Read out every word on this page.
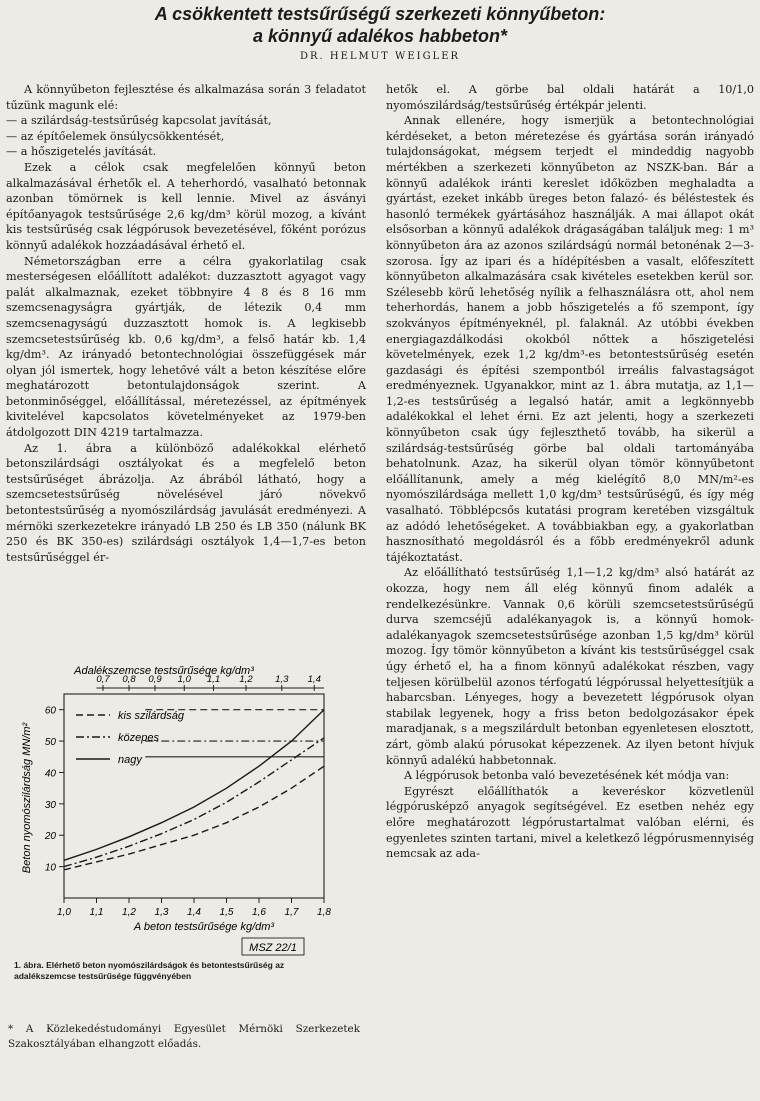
A csökkentett testsűrűségű szerkezeti könnyűbeton:
a könnyű adalékos habbeton*
DR. HELMUT WEIGLER

A könnyűbeton fejlesztése és alkalmazása során 3 feladatot tűzünk magunk elé:

— a szilárdság-testsűrűség kapcsolat javítását,
— az építőelemek önsúlycsökkentését,
— a hőszigetelés javítását.

Ezek a célok csak megfelelően könnyű beton alkalmazásával érhetők el. A teherhordó, vasalható betonnak azonban tömörnek is kell lennie. Mivel az ásványi építőanyagok testsűrűsége 2,6 kg/dm³ körül mozog, a kívánt kis testsűrűség csak légpórusok bevezetésével, főként porózus könnyű adalékok hozzáadásával érhető el.

Németországban erre a célra gyakorlatilag csak mesterségesen előállított adalékot: duzzasztott agyagot vagy palát alkalmaznak, ezeket többnyire 4 8 és 8 16 mm szemcsenagyságra gyártják, de létezik 0,4 mm szemcsenagyságú duzzasztott homok is. A legkisebb szemcsetestsűrűség kb. 0,6 kg/dm³, a felső határ kb. 1,4 kg/dm³. Az irányadó betontechnológiai összefüggések már olyan jól ismertek, hogy lehetővé vált a beton készítése előre meghatározott betontulajdonságok szerint. A betonminőséggel, előállítással, méretezéssel, az építmények kivitelével kapcsolatos követelményeket az 1979-ben átdolgozott DIN 4219 tartalmazza.

Az 1. ábra a különböző adalékokkal elérhető betonszilárdsági osztályokat és a megfelelő beton testsűrűséget ábrázolja. Az ábrából látható, hogy a szemcsetestsűrűség növelésével járó növekvő betontestsűrűség a nyomószilárdság javulását eredményezi. A mérnöki szerkezetekre irányadó LB 250 és LB 350 (nálunk BK 250 és BK 350-es) szilárdsági osztályok 1,4—1,7-es beton testsűrűséggel ér-

hetők el. A görbe bal oldali határát a 10/1,0 nyomószilárdság/testsűrűség értékpár jelenti.

Annak ellenére, hogy ismerjük a betontechnológiai kérdéseket, a beton méretezése és gyártása során irányadó tulajdonságokat, mégsem terjedt el mindeddig nagyobb mértékben a szerkezeti könnyűbeton az NSZK-ban. Bár a könnyű adalékok iránti kereslet időközben meghaladta a gyártást, ezeket inkább üreges beton falazó- és béléstestek és hasonló termékek gyártásához használják. A mai állapot okát elsősorban a könnyű adalékok drágaságában találjuk meg: 1 m³ könnyűbeton ára az azonos szilárdságú normál betonénak 2—3-szorosa. Így az ipari és a hídépítésben a vasalt, előfeszített könnyűbeton alkalmazására csak kivételes esetekben kerül sor. Szélesebb körű lehetőség nyílik a felhasználásra ott, ahol nem teherhordás, hanem a jobb hőszigetelés a fő szempont, így szokványos építményeknél, pl. falaknál. Az utóbbi években energiagazdálkodási okokból nőttek a hőszigetelési követelmények, ezek 1,2 kg/dm³-es betontestsűrűség esetén gazdasági és építési szempontból irreális falvastagságot eredményeznek. Ugyanakkor, mint az 1. ábra mutatja, az 1,1—1,2-es testsűrűség a legalsó határ, amit a legkönnyebb adalékokkal el lehet érni. Ez azt jelenti, hogy a szerkezeti könnyűbeton csak úgy fejleszthető tovább, ha sikerül a szilárdság-testsűrűség görbe bal oldali tartományába behatolnunk. Azaz, ha sikerül olyan tömör könnyűbetont előállítanunk, amely a még kielégítő 8,0 MN/m²-es nyomószilárdsága mellett 1,0 kg/dm³ testsűrűségű, és így még vasalható. Többlépcsős kutatási program keretében vizsgáltuk az adódó lehetőségeket. A továbbiakban egy, a gyakorlatban hasznosítható megoldásról és a főbb eredményekről adunk tájékoztatást.

Az előállítható testsűrűség 1,1—1,2 kg/dm³ alsó határát az okozza, hogy nem áll elég könnyű finom adalék a rendelkezésünkre. Vannak 0,6 körüli szemcsetestsűrűségű durva szemcséjű adalékanyagok is, a könnyű homok-adalékanyagok szemcsetestsűrűsége azonban 1,5 kg/dm³ körül mozog. Így tömör könnyűbeton a kívánt kis testsűrűséggel csak úgy érhető el, ha a finom könnyű adalékokat részben, vagy teljesen körülbelül azonos térfogatú légpórussal helyettesítjük a habarcsban. Lényeges, hogy a bevezetett légpórusok olyan stabilak legyenek, hogy a friss beton bedolgozásakor épek maradjanak, s a megszilárdult betonban egyenletesen elosztott, zárt, gömb alakú pórusokat képezzenek. Az ilyen betont hívjuk könnyű adalékú habbetonnak.

A légpórusok betonba való bevezetésének két módja van:

Egyrészt előállíthatók a keveréskor közvetlenül légpórusképző anyagok segítségével. Ez esetben nehéz egy előre meghatározott légpórustartalmat valóban elérni, és egyenletes szinten tartani, mivel a keletkező légpórusmennyiség nemcsak az ada-

Adalékszemcse testsűrűsége kg/dm³
0,7 0,8 0,9 1,0 1,1 1,2 1,3 1,4
10
20
30
40
50
60
1,0 1,1 1,2 1,3 1,4 1,5 1,6 1,7 1,8
kis szilárdság
közepes
nagy
Beton nyomószilárdság MN/m²
A beton testsűrűsége kg/dm³
MSZ 22/1
1. ábra. Elérhető beton nyomószilárdságok és betontestsűrűség az adalékszemcse testsűrűsége függvényében
* A Közlekedéstudományi Egyesület Mérnöki Szerkezetek Szakosztályában elhangzott előadás.
